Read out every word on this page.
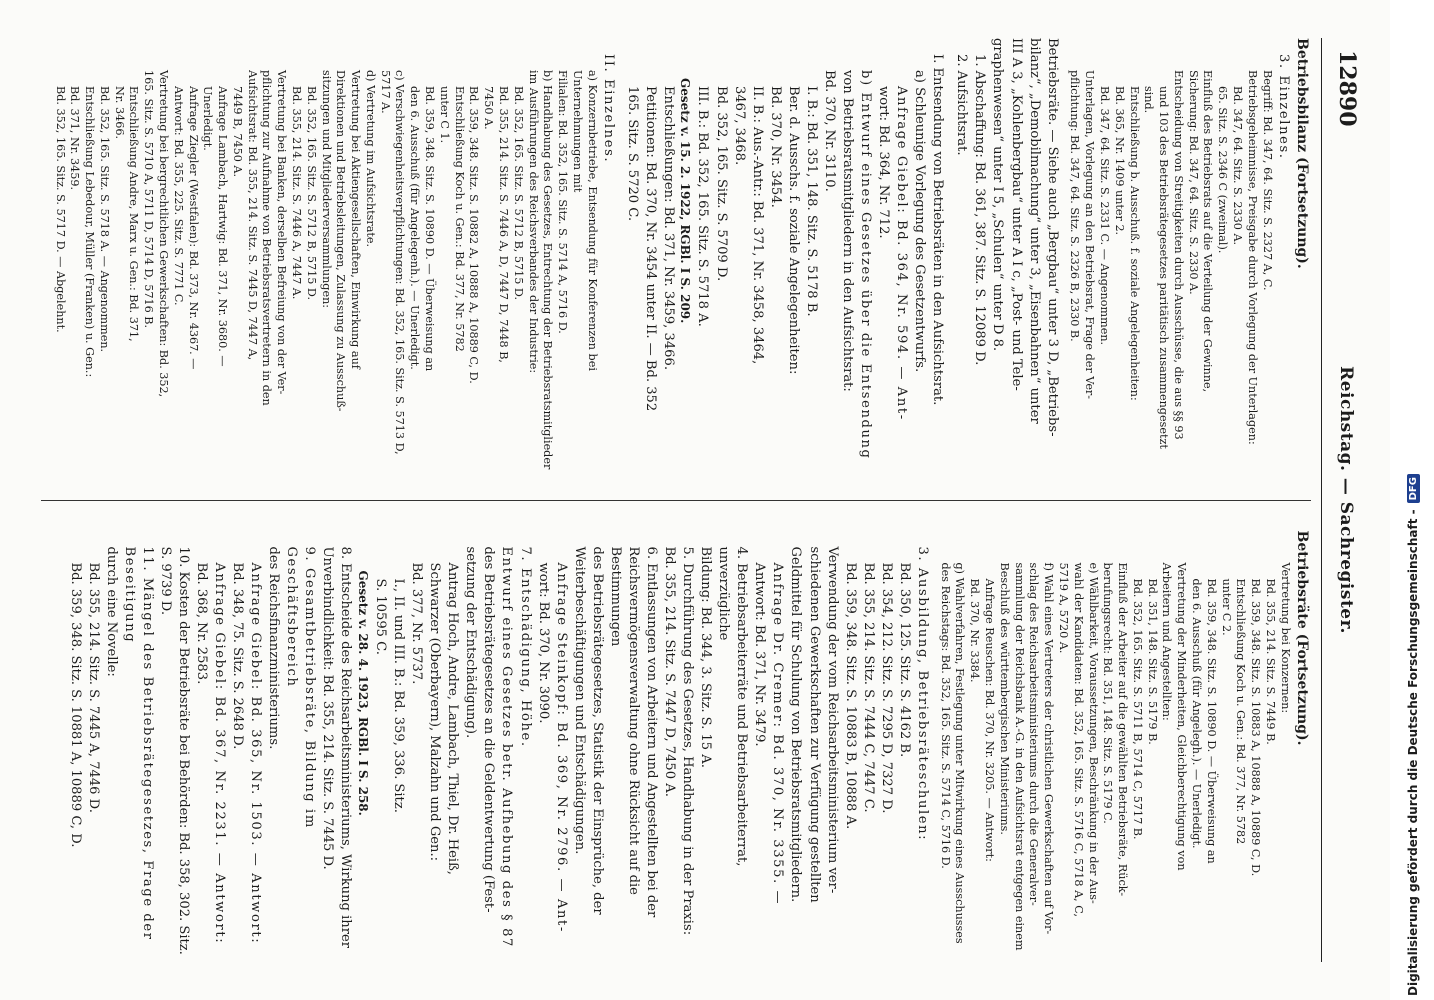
12890
Reichstag. — Sachregister.

Betriebsbilanz (Fortsetzung).

3. Einzelnes.

Begriff: Bd. 347, 64. Sitz. S. 2327 A, C.

Betriebsgeheimnisse, Preisgabe durch Vorlegung der Unterlagen:

Bd. 347, 64. Sitz. S. 2330 A.

65. Sitz. S. 2346 C (zweimal).

Einfluß des Betriebsrats auf die Verteilung der Gewinne,

Sicherung: Bd. 347, 64. Sitz. S. 2330 A.

Entscheidung von Streitigkeiten durch Ausschüsse, die aus §§ 93

und 103 des Betriebsrätegesetzes paritätisch zusammengesetzt sind.

Entschließung b. Ausschuß. f. soziale Angelegenheiten:

Bd. 365, Nr. 1409 unter 2.

Bd. 347, 64. Sitz. S. 2331 C. — Angenommen.

Unterlagen, Vorlegung an den Betriebsrat, Frage der Ver-

pflichtung: Bd. 347, 64. Sitz. S. 2326 B, 2330 B.

Betriebsräte. — Siehe auch „Bergbau“ unter 3 D, „Betriebs-

bilanz“, „Demobilmachung“ unter 3, „Eisenbahnen“ unter

III A 3, „Kohlenbergbau“ unter A I c, „Post- und Tele-

graphenwesen“ unter I 5, „Schulen“ unter D 8.

1. Abschaffung: Bd. 361, 387. Sitz. S. 12089 D.

2. Aufsichtsrat.

I. Entsendung von Betriebsräten in den Aufsichtsrat.

a) Schleunige Vorlegung des Gesetzentwurfs.

Anfrage Giebel: Bd. 364, Nr. 594. — Ant-

wort: Bd. 364, Nr. 712.

b) Entwurf eines Gesetzes über die Entsendung

von Betriebsratsmitgliedern in den Aufsichtsrat:

Bd. 370, Nr. 3110.

I. B.: Bd. 351, 148. Sitz. S. 5178 B.

Ber. d. Ausschs. f. soziale Angelegenheiten:

Bd. 370, Nr. 3454.

II. B.: Aus.-Antr.: Bd. 371, Nr. 3458, 3464,

3467, 3468.

Bd. 352, 165. Sitz. S. 5709 D.

III. B.: Bd. 352, 165. Sitz. S. 5718 A.

Gesetz v. 15. 2. 1922, RGBl. I S. 209.

Entschließungen: Bd. 371, Nr. 3459, 3466.

Petitionen: Bd. 370, Nr. 3454 unter II. — Bd. 352

165. Sitz. S. 5720 C.

II. Einzelnes.

a) Konzernbetriebe, Entsendung für Konferenzen bei Unternehmungen mit

Filialen: Bd. 352, 165. Sitz. S. 5714 A, 5716 D.

b) Handhabung des Gesetzes, Entrechtung der Betriebsratsmitglieder

im Ausführungen des Reichsverbandes der Industrie:

Bd. 352, 165. Sitz. S. 5712 B, 5715 D.

Bd. 355, 214. Sitz. S. 7446 A, D, 7447 D, 7448 B,

7450 A.

Bd. 359, 348. Sitz. S. 10882 A, 10888 A, 10889 C, D.

Entschließung Koch u. Gen.: Bd. 377, Nr. 5782

unter C 1.

Bd. 359, 348. Sitz. S. 10890 D. — Überweisung an

den 6. Ausschuß (für Angelegenh.). — Unerledigt.

c) Verschwiegenheitsverpflichtungen: Bd. 352, 165. Sitz. S. 5713 D,

5717 A.

d) Vertretung im Aufsichtsrate.

Vertretung bei Aktiengesellschaften, Einwirkung auf

Direktionen und Betriebsleitungen, Zulassung zu Ausschuß-

sitzungen und Mitgliederversammlungen:

Bd. 352, 165. Sitz. S. 5712 B, 5715 D.

Bd. 355, 214. Sitz. S. 7446 A, 7447 A.

Vertretung bei Banken, derselben Befreiung von der Ver-

pflichtung zur Aufnahme von Betriebsratsvertretern in den

Aufsichtsrat: Bd. 355, 214. Sitz. S. 7445 D, 7447 A,

7449 B, 7450 A.

Anfrage Lambach, Hartwig: Bd. 371, Nr. 3680. —

Unerledigt.

Anfrage Ziegler (Westfalen): Bd. 373, Nr. 4367. —

Antwort: Bd. 355, 225. Sitz. S. 7771 C.

Vertretung bei bergrechtlichen Gewerkschaften: Bd. 352,

165. Sitz. S. 5710 A, 5711 D, 5714 D, 5716 B.

Entschließung Andre, Marx u. Gen.: Bd. 371,

Nr. 3466.

Bd. 352, 165. Sitz. S. 5718 A. — Angenommen.

Entschließung Lebedour, Müller (Franken) u. Gen.:

Bd. 371, Nr. 3459.

Bd. 352, 165. Sitz. S. 5717 D. — Abgelehnt.

Betriebsräte (Fortsetzung).

Vertretung bei Konzernen:

Bd. 355, 214. Sitz. S. 7449 B.

Bd. 359, 348. Sitz. S. 10883 A, 10888 A, 10889 C, D.

Entschließung Koch u. Gen.: Bd. 377, Nr. 5782

unter C 2.

Bd. 359, 348. Sitz. S. 10890 D. — Überweisung an

den 6. Ausschuß (für Angelegh.). — Unerledigt.

Vertretung der Minderheiten, Gleichberechtigung von

Arbeitern und Angestellten:

Bd. 351, 148. Sitz. S. 5179 B.

Bd. 352, 165. Sitz. S. 5711 B, 5714 C, 5717 B.

Einfluß der Arbeiter auf die gewählten Betriebsräte, Rück-

berufungsrecht: Bd. 351, 148. Sitz. S. 5179 C.

e) Wählbarkeit, Voraussetzungen, Beschränkung in der Aus-

wahl der Kandidaten: Bd. 352, 165. Sitz. S. 5716 C, 5718 A, C,

5719 A, 5720 A.

f) Wahl eines Vertreters der christlichen Gewerkschaften auf Vor-

schlag des Reichsarbeitsministeriums durch die Generalver-

sammlung der Reichsbank A.-G. in den Aufsichtsrat entgegen einem

Beschluß des württembergischen Ministeriums.

Anfrage Reuschen: Bd. 370, Nr. 3205. — Antwort:

Bd. 370, Nr. 3384.

g) Wahlverfahren, Festlegung unter Mitwirkung eines Ausschusses

des Reichstags: Bd. 352, 165. Sitz. S. 5714 C, 5716 D.

3. Ausbildung, Betriebsräteschulen:

Bd. 350, 125. Sitz. S. 4162 B.

Bd. 354, 212. Sitz. S. 7295 D, 7327 D.

Bd. 355, 214. Sitz. S. 7444 C, 7447 C.

Bd. 359, 348. Sitz. S. 10883 B, 10888 A.

Verwendung der vom Reichsarbeitsministerium ver-

schiedenen Gewerkschaften zur Verfügung gestellten

Geldmittel für Schulung von Betriebsratsmitgliedern.

Anfrage Dr. Cremer: Bd. 370, Nr. 3355. —

Antwort: Bd. 371, Nr. 3479.

4. Betriebsarbeiterräte und Betriebsarbeiterrat, unverzügliche

Bildung: Bd. 344, 3. Sitz. S. 15 A.

5. Durchführung des Gesetzes, Handhabung in der Praxis:

Bd. 355, 214. Sitz. S. 7447 D, 7450 A.

6. Entlassungen von Arbeitern und Angestellten bei der

Reichsvermögensverwaltung ohne Rücksicht auf die Bestimmungen

des Betriebsrätegesetzes, Statistik der Einsprüche, der

Weiterbeschäftigungen und Entschädigungen.

Anfrage Steinkopf: Bd. 369, Nr. 2796. — Ant-

wort: Bd. 370, Nr. 3090.

7. Entschädigung, Höhe.

Entwurf eines Gesetzes betr. Aufhebung des § 87

des Betriebsrätegesetzes an die Geldentwertung (Fest-

setzung der Entschädigung).

Antrag Hoch, Andre, Lambach, Thiel, Dr. Heiß,

Schwarzer (Oberbayern), Malzahn und Gen.:

Bd. 377, Nr. 5737.

I., II. und III. B.: Bd. 359, 336. Sitz.

S. 10595 C.

Gesetz v. 28. 4. 1923, RGBl. I S. 258.

8. Entscheide des Reichsarbeitsministeriums, Wirkung ihrer

Unverbindlichkeit: Bd. 355, 214. Sitz. S. 7445 D.

9. Gesamtbetriebsräte, Bildung im Geschäftsbereich

des Reichsfinanzministeriums.

Anfrage Giebel: Bd. 365, Nr. 1503. — Antwort:

Bd. 348, 75. Sitz. S. 2648 D.

Anfrage Giebel: Bd. 367, Nr. 2231. — Antwort:

Bd. 368, Nr. 2583.

10. Kosten der Betriebsräte bei Behörden: Bd. 358, 302. Sitz.

S. 9739 D.

11. Mängel des Betriebsrätegesetzes, Frage der Beseitigung

durch eine Novelle:

Bd. 355, 214. Sitz. S. 7445 A, 7446 D.

Bd. 359, 348. Sitz. S. 10881 A, 10889 C, D.	Digitalisierung gefördert durch die Deutsche Forschungsgemeinschaft -
DFG
